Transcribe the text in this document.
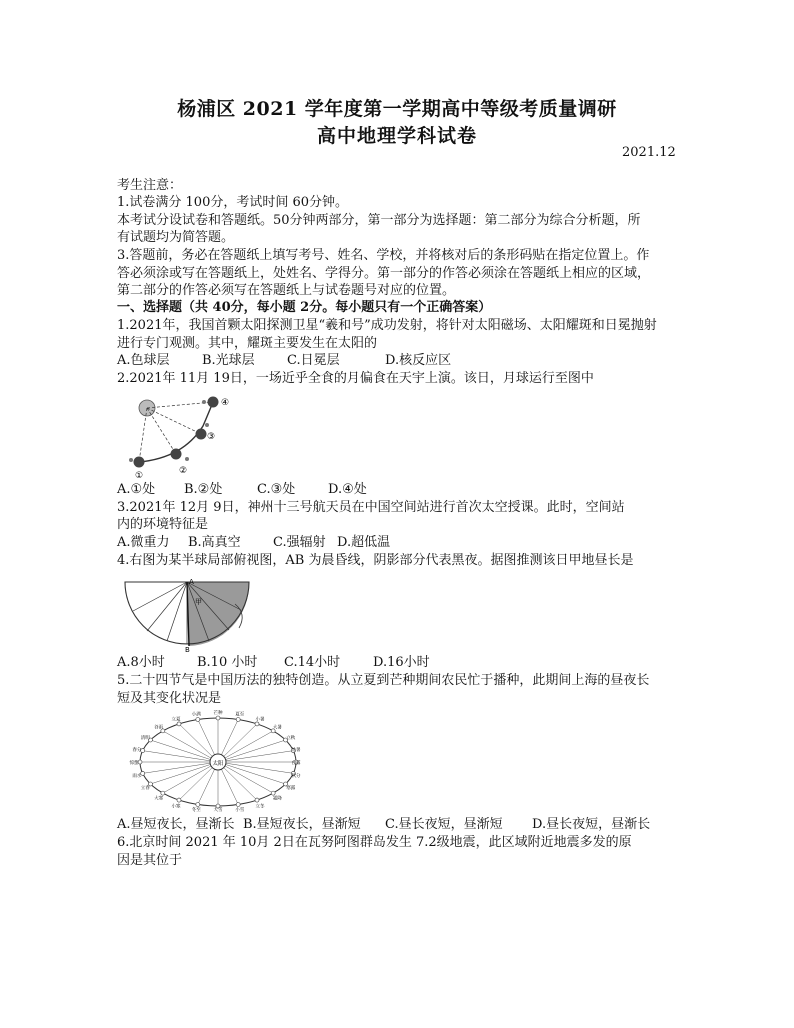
杨浦区 2021 学年度第一学期高中等级考质量调研
高中地理学科试卷
2021.12
考生注意：
1.试卷满分 100分，考试时间 60分钟。
本考试分设试卷和答题纸。50分钟两部分，第一部分为选择题：第二部分为综合分析题，所
有试题均为简答题。
3.答题前，务必在答题纸上填写考号、姓名、学校，并将核对后的条形码贴在指定位置上。作
答必须涂或写在答题纸上，处姓名、学得分。第一部分的作答必须涂在答题纸上相应的区域，
第二部分的作答必须写在答题纸上与试卷题号对应的位置。
一、选择题（共 40分，每小题 2分。每小题只有一个正确答案）
1.2021年，我国首颗太阳探测卫星“羲和号”成功发射，将针对太阳磁场、太阳耀斑和日冕抛射
进行专门观测。其中，耀斑主要发生在太阳的
A.色球层 B.光球层 C.日冕层	D.核反应区
2.2021年 11月 19日，一场近乎全食的月偏食在天宇上演。该日，月球运行至图中
①	②
③
④
A.①处 B.②处	C.③处	D.④处
3.2021年 12月 9日，神州十三号航天员在中国空间站进行首次太空授课。此时，空间站
内的环境特征是
A.微重力 B.高真空 C.强辐射 D.超低温
4.右图为某半球局部俯视图，AB 为晨昏线，阴影部分代表黑夜。据图推测该日甲地昼长是
A
B
甲
A.8小时 B.10 小时 C.14小时	D.16小时
5.二十四节气是中国历法的独特创造。从立夏到芒种期间农民忙于播种，此期间上海的昼夜长
短及其变化状况是
太阳
立夏
小满	芒种	夏至
小暑
大暑
立秋
处暑
白露
秋分
寒露
霜降
立冬
小雪
大雪
冬至
小寒
大寒
立春
雨水
惊蛰
春分
清明
谷雨
A.昼短夜长，昼渐长 B.昼短夜长，昼渐短 C.昼长夜短，昼渐短 D.昼长夜短，昼渐长
6.北京时间 2021 年 10月 2日在瓦努阿图群岛发生 7.2级地震，此区域附近地震多发的原
因是其位于
